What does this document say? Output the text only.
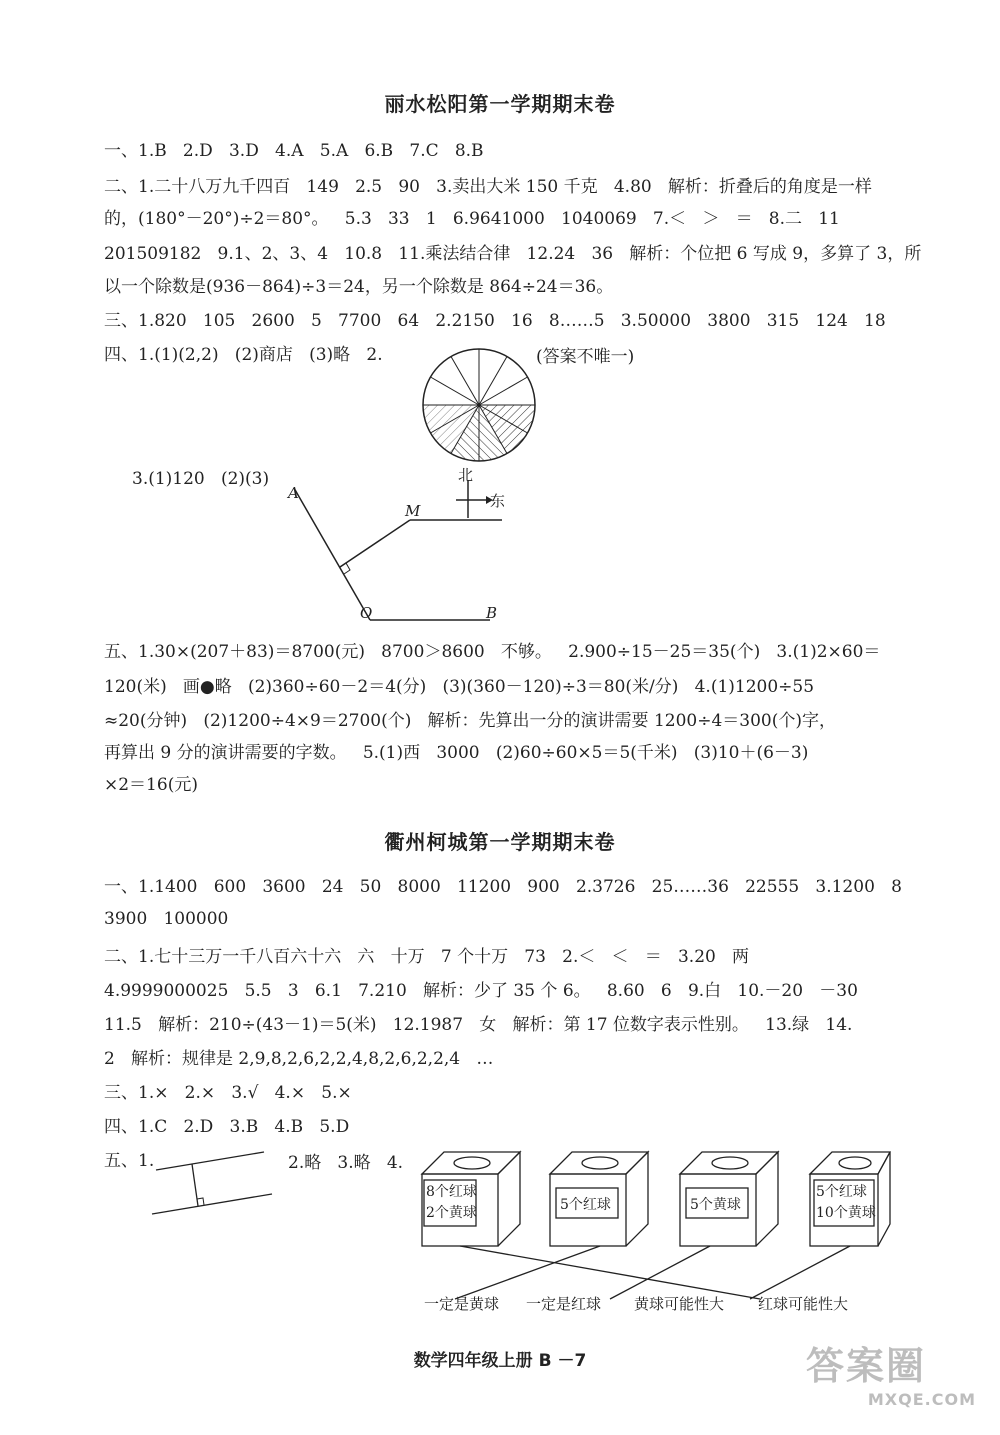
丽水松阳第一学期期末卷
一、1.B   2.D   3.D   4.A   5.A   6.B   7.C   8.B
二、1.二十八万九千四百   149   2.5   90   3.卖出大米 150 千克   4.80   解析：折叠后的角度是一样
的，(180°－20°)÷2＝80°。   5.3   33   1   6.9641000   1040069   7.＜   ＞   ＝   8.二   11
201509182   9.1、2、3、4   10.8   11.乘法结合律   12.24   36   解析：个位把 6 写成 9，多算了 3，所
以一个除数是(936－864)÷3＝24，另一个除数是 864÷24＝36。
三、1.820   105   2600   5   7700   64   2.2150   16   8……5   3.50000   3800   315   124   18
四、1.(1)(2,2)   (2)商店   (3)略   2.	(答案不唯一)
3.(1)120   (2)(3)
A
M
O	B
北
东
五、1.30×(207＋83)＝8700(元)   8700＞8600   不够。   2.900÷15－25＝35(个)   3.(1)2×60＝
120(米)   画●略   (2)360÷60－2＝4(分)   (3)(360－120)÷3＝80(米/分)   4.(1)1200÷55
≈20(分钟)   (2)1200÷4×9＝2700(个)   解析：先算出一分的演讲需要 1200÷4＝300(个)字，
再算出 9 分的演讲需要的字数。   5.(1)西   3000   (2)60÷60×5＝5(千米)   (3)10＋(6－3)
×2＝16(元)
衢州柯城第一学期期末卷
一、1.1400   600   3600   24   50   8000   11200   900   2.3726   25……36   22555   3.1200   8
3900   100000
二、1.七十三万一千八百六十六   六   十万   7 个十万   73   2.＜   ＜   ＝   3.20   两
4.9999000025   5.5   3   6.1   7.210   解析：少了 35 个 6。   8.60   6   9.白   10.－20   －30
11.5   解析：210÷(43－1)＝5(米)   12.1987   女   解析：第 17 位数字表示性别。   13.绿   14.
2   解析：规律是 2,9,8,2,6,2,2,4,8,2,6,2,2,4   …
三、1.×   2.×   3.√   4.×   5.×
四、1.C   2.D   3.B   4.B   5.D
五、1.	2.略   3.略   4.
8个红球
2个黄球	5个红球	5个黄球
5个红球
10个黄球
一定是黄球 一定是红球 黄球可能性大 红球可能性大
数学四年级上册 B －7	答案圈
MXQE.COM
